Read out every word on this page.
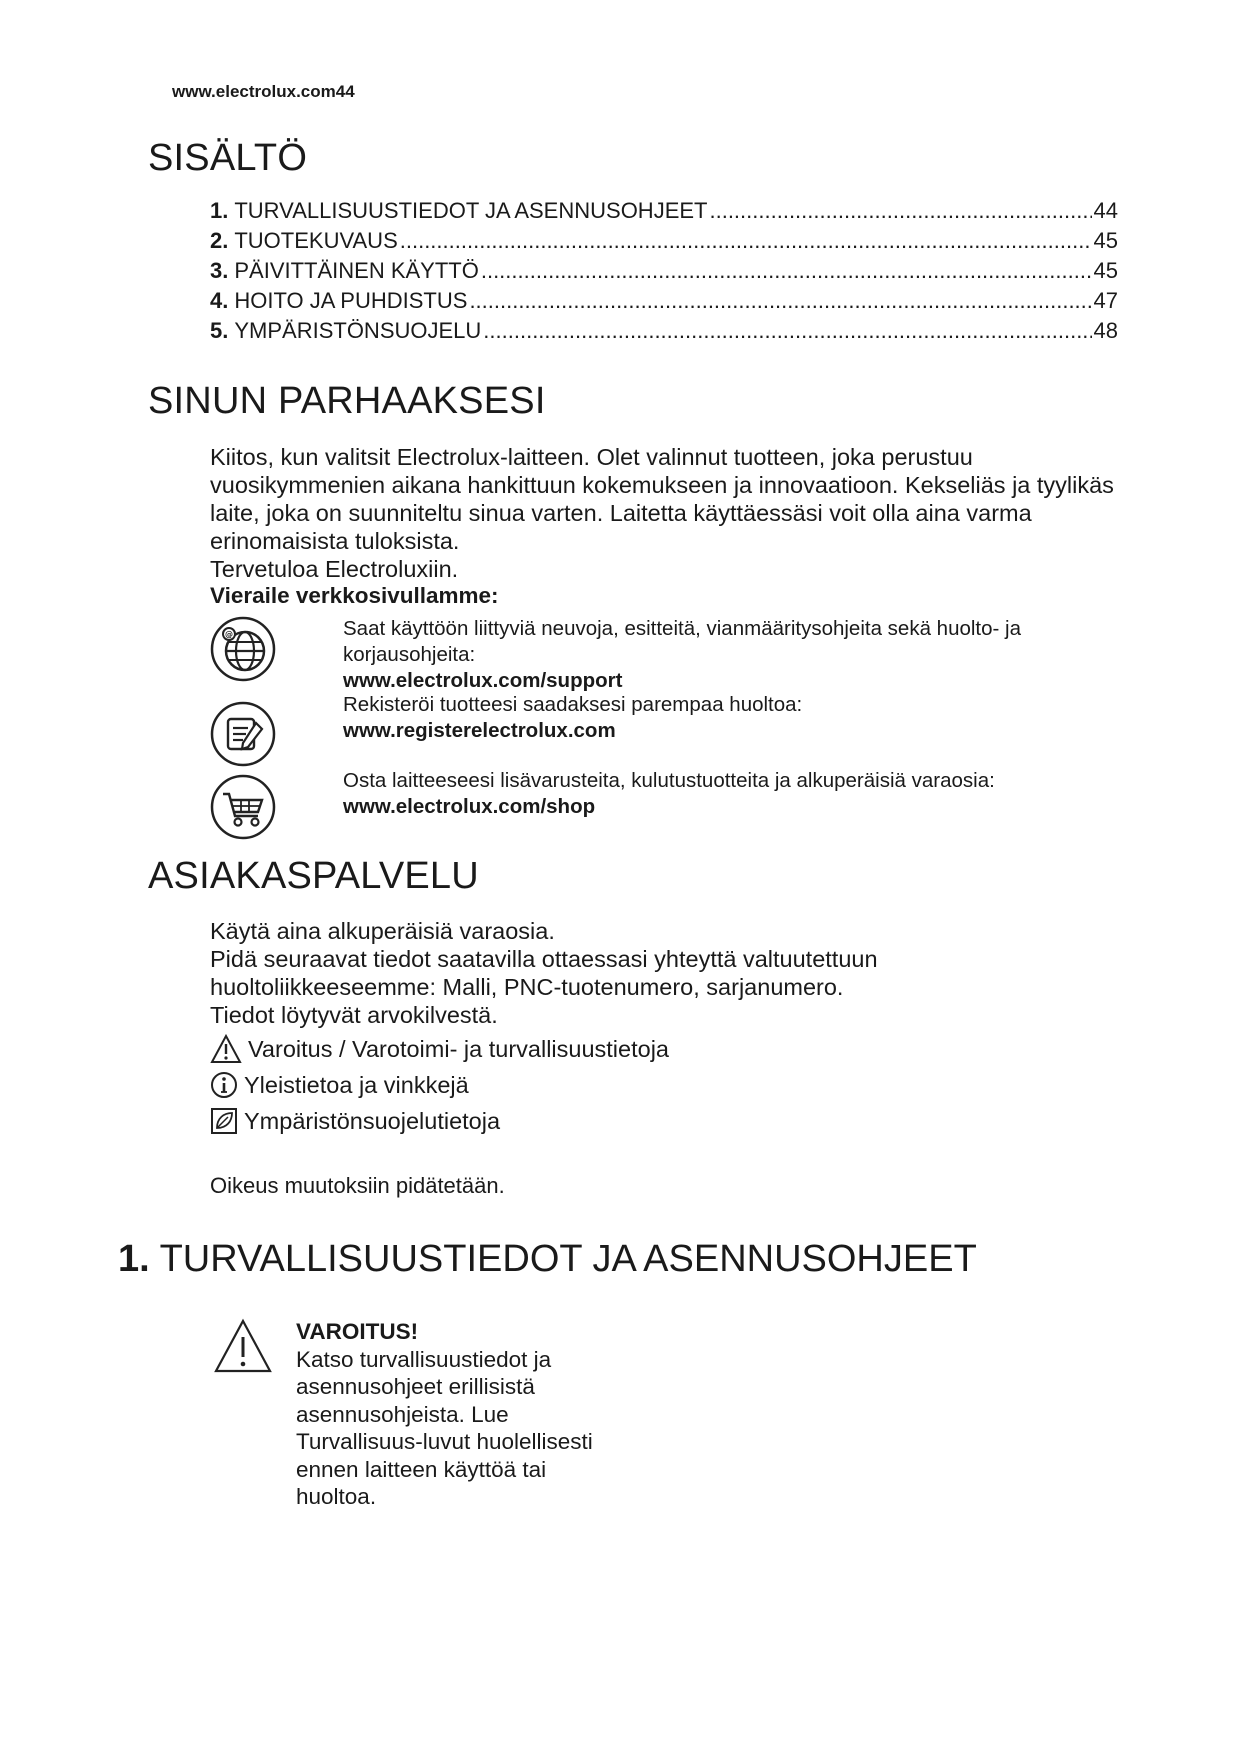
www.electrolux.com44
SISÄLTÖ
1. TURVALLISUUSTIEDOT JA ASENNUSOHJEET .....	44
2. TUOTEKUVAUS .....	45
3. PÄIVITTÄINEN KÄYTTÖ .....	45
4. HOITO JA PUHDISTUS .....	47
5. YMPÄRISTÖNSUOJELU .....	48
SINUN PARHAAKSESI
Kiitos, kun valitsit Electrolux-laitteen. Olet valinnut tuotteen, joka perustuu vuosikymmenien aikana hankittuun kokemukseen ja innovaatioon. Kekseliäs ja tyylikäs laite, joka on suunniteltu sinua varten. Laitetta käyttäessäsi voit olla aina varma erinomaisista tuloksista.
Tervetuloa Electroluxiin.
Vieraile verkkosivullamme:
@	Saat käyttöön liittyviä neuvoja, esitteitä, vianmääritysohjeita sekä huolto- ja korjausohjeita:
www.electrolux.com/support
Rekisteröi tuotteesi saadaksesi parempaa huoltoa:
www.registerelectrolux.com
Osta laitteeseesi lisävarusteita, kulutustuotteita ja alkuperäisiä varaosia:
www.electrolux.com/shop
ASIAKASPALVELU
Käytä aina alkuperäisiä varaosia.
Pidä seuraavat tiedot saatavilla ottaessasi yhteyttä valtuutettuun huoltoliikkeeseemme: Malli, PNC-tuotenumero, sarjanumero.
Tiedot löytyvät arvokilvestä.
Varoitus / Varotoimi- ja turvallisuustietoja
Yleistietoa ja vinkkejä
Ympäristönsuojelutietoja
Oikeus muutoksiin pidätetään.
1. TURVALLISUUSTIEDOT JA ASENNUSOHJEET
VAROITUS!
Katso turvallisuustiedot ja asennusohjeet erillisistä asennusohjeista. Lue Turvallisuus-luvut huolellisesti ennen laitteen käyttöä tai huoltoa.
